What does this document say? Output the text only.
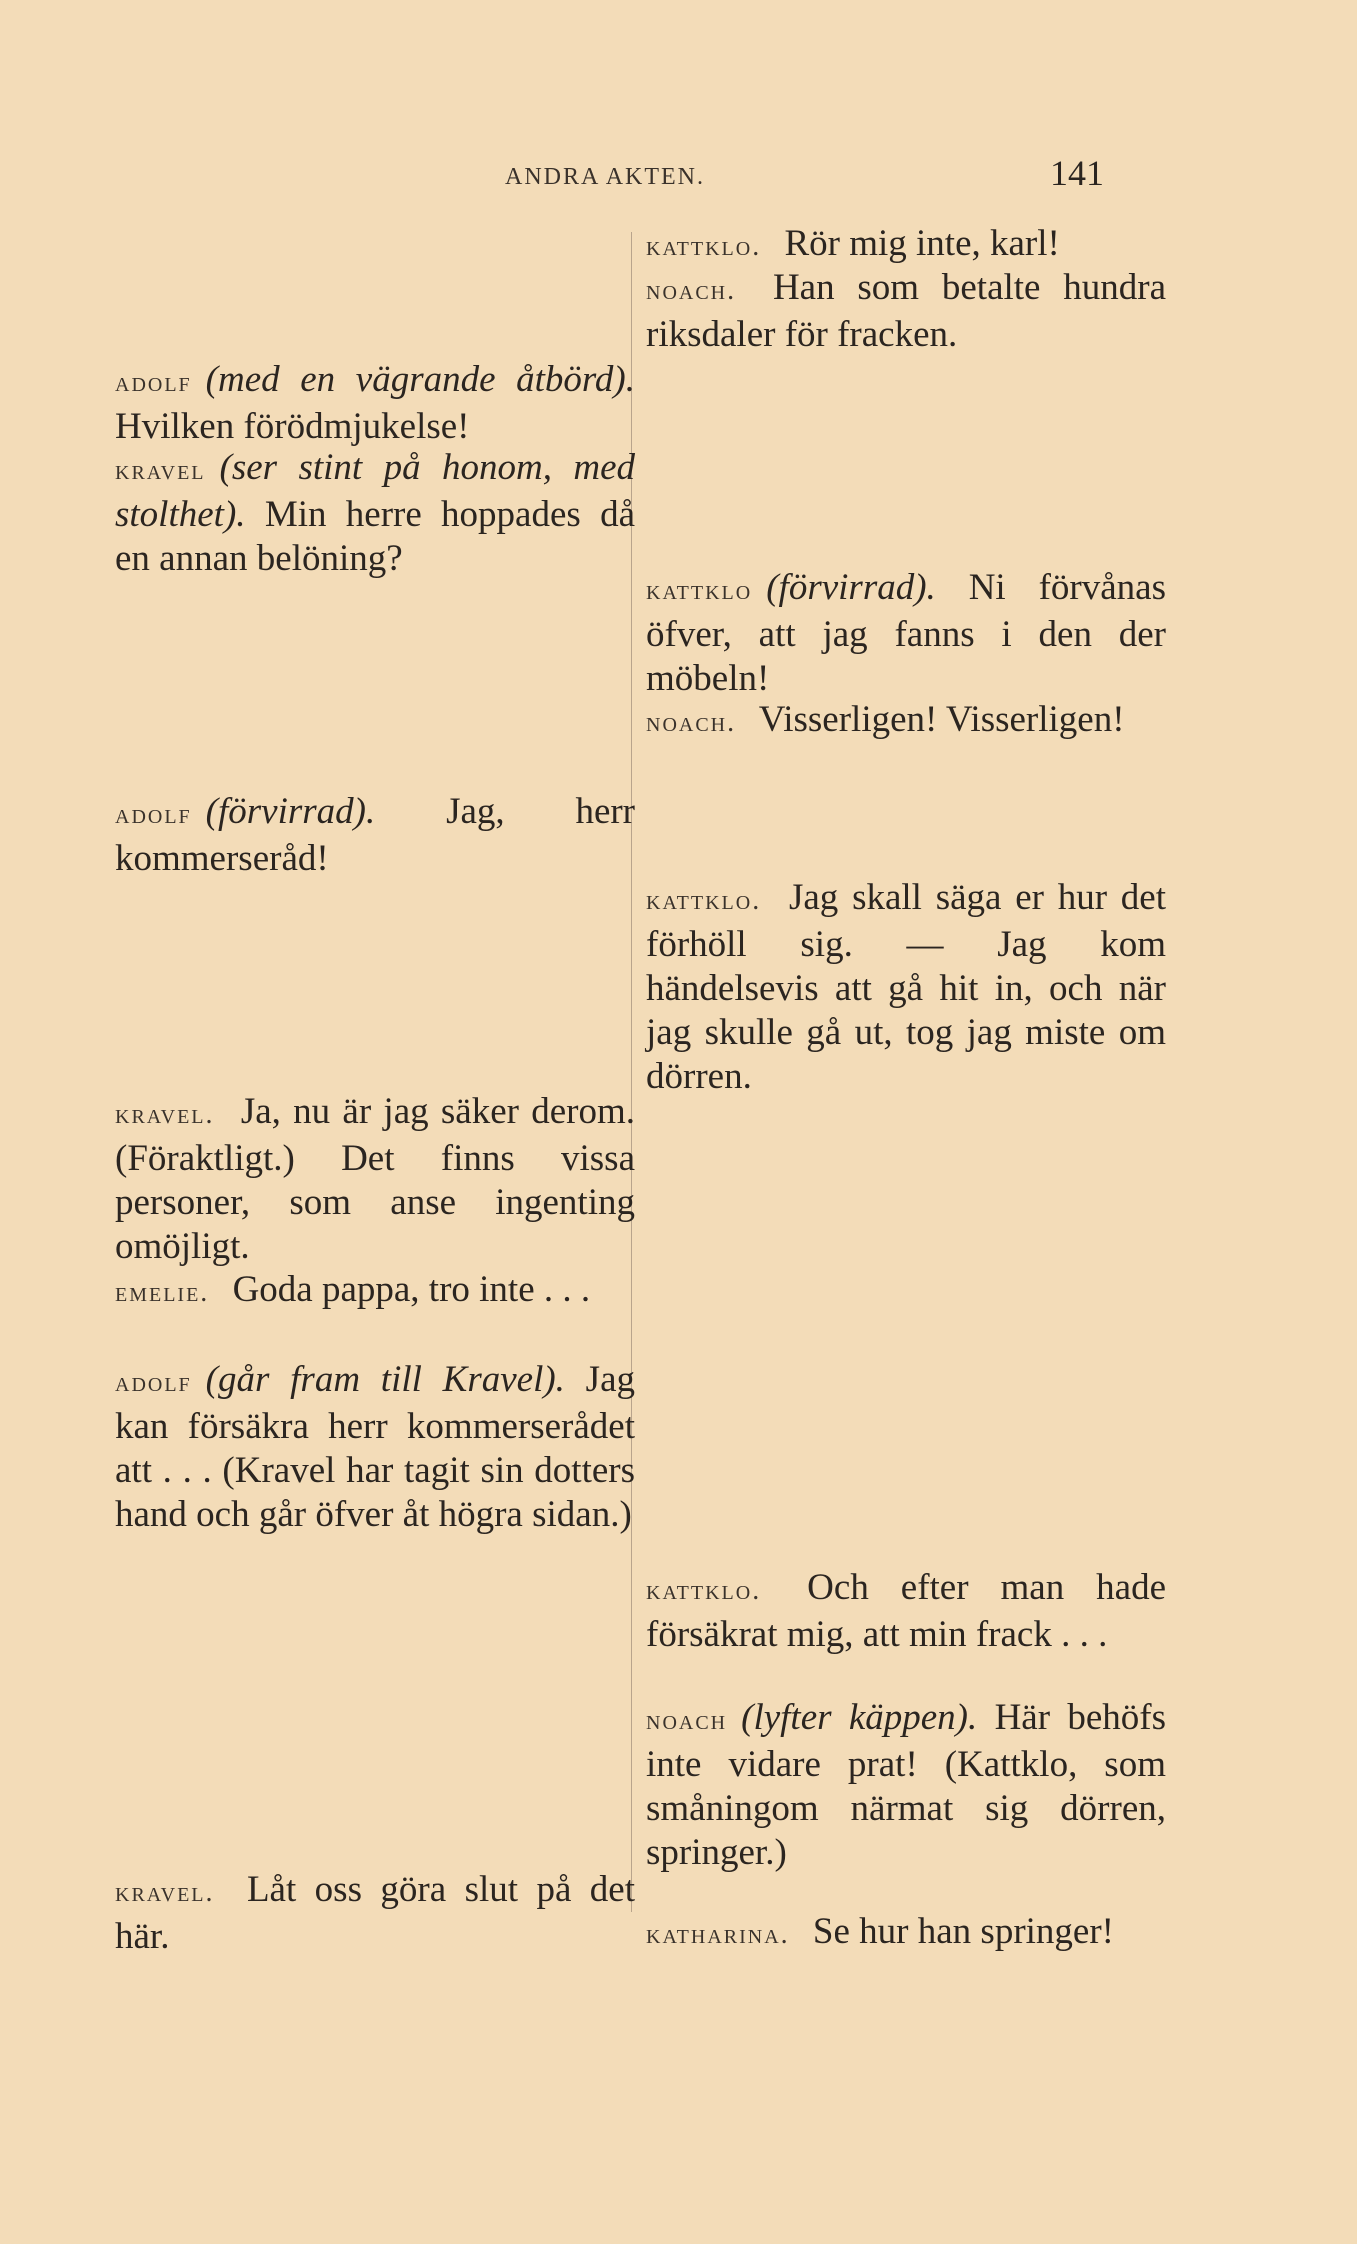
ANDRA AKTEN.	141
adolf (med en vägrande åtbörd). Hvilken förödmjukelse!
kravel (ser stint på honom, med stolthet). Min herre hoppades då en annan belöning?
adolf (förvirrad). Jag, herr kommerseråd!
kravel. Ja, nu är jag säker derom. (Föraktligt.) Det finns vissa personer, som anse ingenting omöjligt.
emelie. Goda pappa, tro inte . . .
adolf (går fram till Kravel). Jag kan försäkra herr kommerserådet att . . . (Kravel har tagit sin dotters hand och går öfver åt högra sidan.)
kravel. Låt oss göra slut på det här.
kattklo. Rör mig inte, karl!
noach. Han som betalte hundra riksdaler för fracken.
kattklo (förvirrad). Ni förvånas öfver, att jag fanns i den der möbeln!
noach. Visserligen! Visserligen!
kattklo. Jag skall säga er hur det förhöll sig. — Jag kom händelsevis att gå hit in, och när jag skulle gå ut, tog jag miste om dörren.
kattklo. Och efter man hade försäkrat mig, att min frack . . .
noach (lyfter käppen). Här behöfs inte vidare prat! (Kattklo, som småningom närmat sig dörren, springer.)
katharina. Se hur han springer!
